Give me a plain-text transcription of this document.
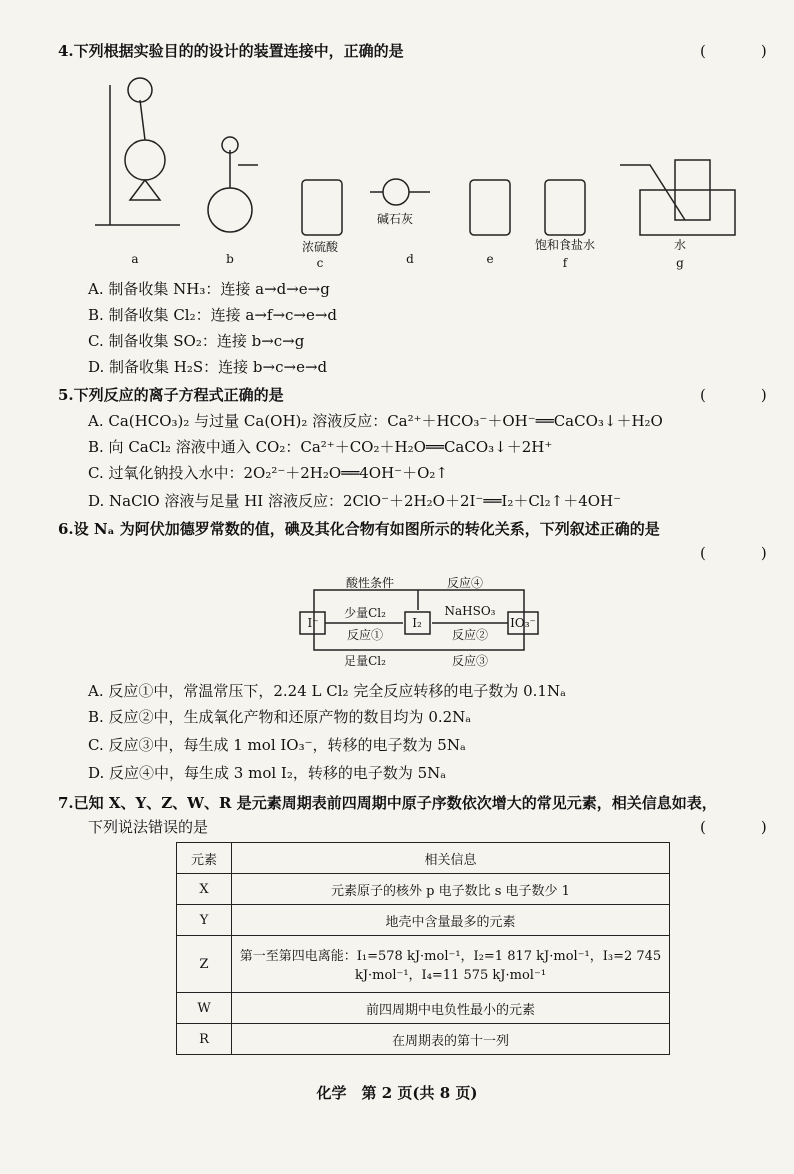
4.下列根据实验目的的设计的装置连接中，正确的是	(　)
a	b
浓硫酸
c
碱石灰
d	e
饱和食盐水
f
水
g
A. 制备收集 NH₃：连接 a→d→e→g
B. 制备收集 Cl₂：连接 a→f→c→e→d
C. 制备收集 SO₂：连接 b→c→g
D. 制备收集 H₂S：连接 b→c→e→d
5.下列反应的离子方程式正确的是	(　)
A. Ca(HCO₃)₂ 与过量 Ca(OH)₂ 溶液反应：Ca²⁺＋HCO₃⁻＋OH⁻══CaCO₃↓＋H₂O
B. 向 CaCl₂ 溶液中通入 CO₂：Ca²⁺＋CO₂＋H₂O══CaCO₃↓＋2H⁺
C. 过氧化钠投入水中：2O₂²⁻＋2H₂O══4OH⁻＋O₂↑
D. NaClO 溶液与足量 HI 溶液反应：2ClO⁻＋2H₂O＋2I⁻══I₂＋Cl₂↑＋4OH⁻
6.设 Nₐ 为阿伏加德罗常数的值，碘及其化合物有如图所示的转化关系，下列叙述正确的是
(　)
I⁻	I₂	IO₃⁻
酸性条件	反应④
少量Cl₂
反应①
NaHSO₃
反应②
足量Cl₂	反应③
A. 反应①中，常温常压下，2.24 L Cl₂ 完全反应转移的电子数为 0.1Nₐ
B. 反应②中，生成氧化产物和还原产物的数目均为 0.2Nₐ
C. 反应③中，每生成 1 mol IO₃⁻，转移的电子数为 5Nₐ
D. 反应④中，每生成 3 mol I₂，转移的电子数为 5Nₐ
7.已知 X、Y、Z、W、R 是元素周期表前四周期中原子序数依次增大的常见元素，相关信息如表，
下列说法错误的是	(　)
元素	相关信息
X	元素原子的核外 p 电子数比 s 电子数少 1
Y	地壳中含量最多的元素
Z	第一至第四电离能：I₁=578 kJ·mol⁻¹，I₂=1 817 kJ·mol⁻¹，I₃=2 745 kJ·mol⁻¹，I₄=11 575 kJ·mol⁻¹
W	前四周期中电负性最小的元素
R	在周期表的第十一列
化学　第 2 页(共 8 页)
